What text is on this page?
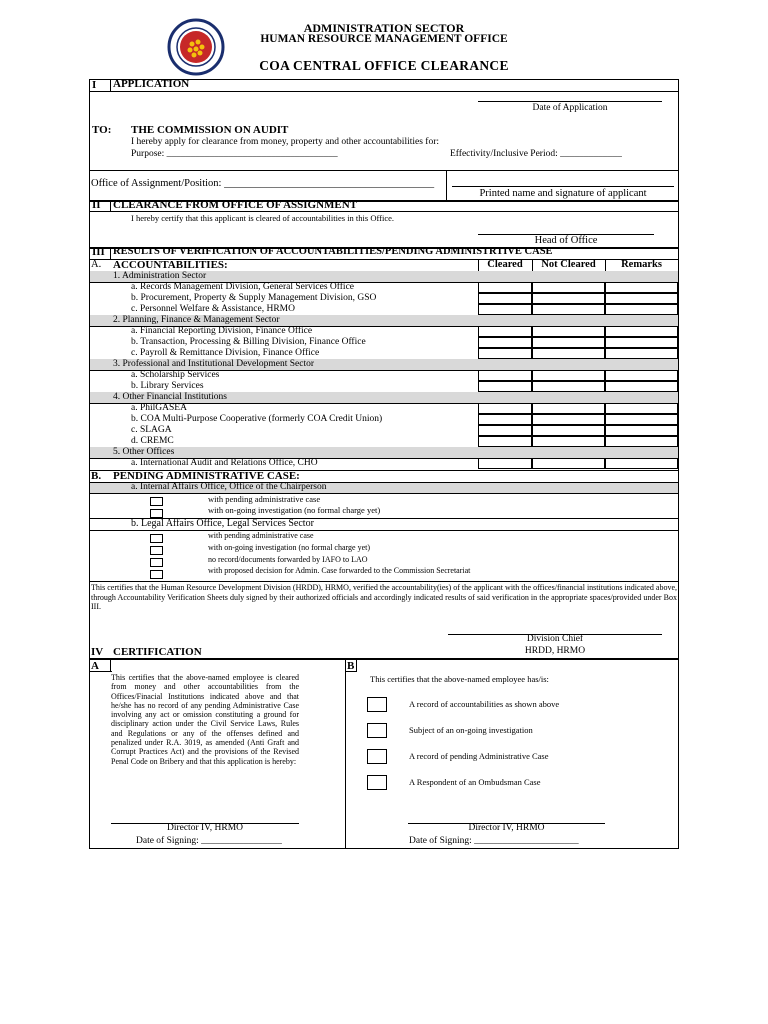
ADMINISTRATION SECTOR
HUMAN RESOURCE MANAGEMENT OFFICE
COA CENTRAL OFFICE CLEARANCE
I APPLICATION
Date of Application
TO: THE COMMISSION ON AUDIT
I hereby apply for clearance from money, property and other accountabilities for:
Purpose: ____________________________________	Effectivity/Inclusive Period: _____________
Office of Assignment/Position: ________________________________________
Printed name and signature of applicant
II CLEARANCE FROM OFFICE OF ASSIGNMENT
I hereby certify that this applicant is cleared of accountabilities in this Office.
Head of Office
III RESULTS OF VERIFICATION OF ACCOUNTABILITIES/PENDING ADMINISTRTIVE CASE
A. ACCOUNTABILITIES:	Cleared	Not Cleared	Remarks
1. Administration Sector
a. Records Management Division, General Services Office
b. Procurement, Property & Supply Management Division, GSO
c. Personnel Welfare & Assistance, HRMO
2. Planning, Finance & Management Sector
a. Financial Reporting Division, Finance Office
b. Transaction, Processing & Billing Division, Finance Office
c. Payroll & Remittance Division, Finance Office
3. Professional and Institutional Development Sector
a. Scholarship Services
b. Library Services
4. Other Financial Institutions
a. PhilGASEA
b. COA Multi-Purpose Cooperative (formerly COA Credit Union)
c. SLAGA
d. CREMC
5. Other Offices
a. International Audit and Relations Office, CHO
B. PENDING ADMINISTRATIVE CASE:
a. Internal Affairs Office, Office of the Chairperson
with pending administrative case
with on-going investigation (no formal charge yet)
b. Legal Affairs Office, Legal Services Sector
with pending administrative case
with on-going investigation (no formal charge yet)
no record/documents forwarded by IAFO to LAO
with proposed decision for Admin. Case forwarded to the Commission Secretariat
This certifies that the Human Resource Development Division (HRDD), HRMO, verified the accountability(ies) of the applicant with the offices/financial institutions indicated above, through Accountability Verification Sheets duly signed by their authorized officials and accordingly indicated results of said verification in the appropriate spaces/provided under Box III.
Division Chief
HRDD, HRMO
IV CERTIFICATION
A	B
This certifies that the above-named employee is cleared from money and other accountabilities from the Offices/Finacial Institutions indicated above and that he/she has no record of any pending Administrative Case involving any act or omission constituting a ground for disciplinary action under the Civil Service Laws, Rules and Regulations or any of the offenses defined and penalized under R.A. 3019, as amended (Anti Graft and Corrupt Practices Act) and the provisions of the Revised Penal Code on Bribery and that this application is hereby:
This certifies that the above-named employee has/is:
A record of accountabilities as shown above
Subject of an on-going investigation
A record of pending Administrative Case
A Respondent of an Ombudsman Case
Director IV, HRMO
Date of Signing: _________________
Director IV, HRMO
Date of Signing: ______________________
